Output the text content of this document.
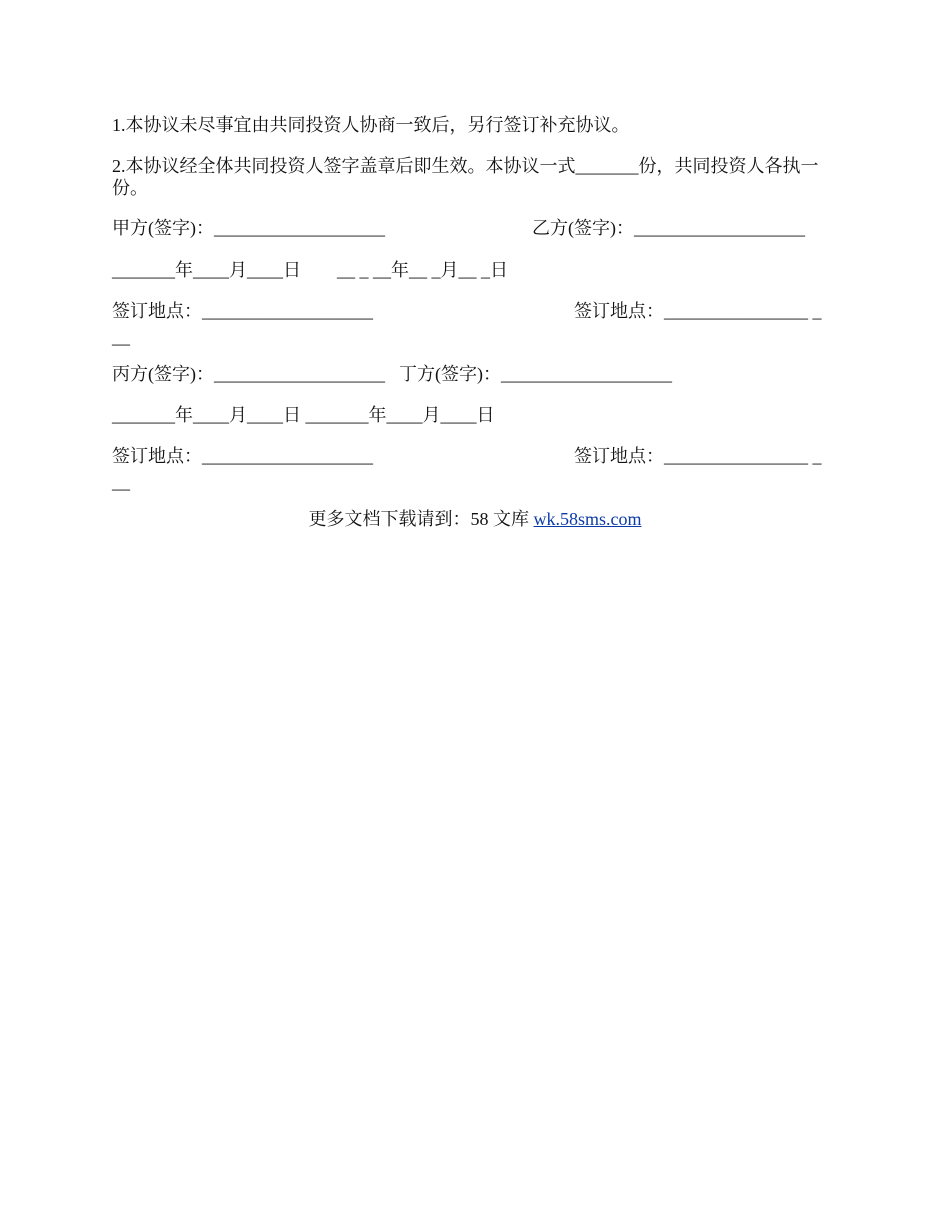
1.本协议未尽事宜由共同投资人协商一致后，另行签订补充协议。
2.本协议经全体共同投资人签字盖章后即生效。本协议一式_______份，共同投资人各执一份。
甲方(签字)：___________________	乙方(签字)：___________________
_______年____月____日        __ _ __年__ _月__ _日
签订地点：___________________	签订地点：________________ _
__
丙方(签字)：___________________ 丁方(签字)：___________________
_______年____月____日 _______年____月____日
签订地点：___________________	签订地点：________________ _
__
更多文档下载请到：58 文库 wk.58sms.com
